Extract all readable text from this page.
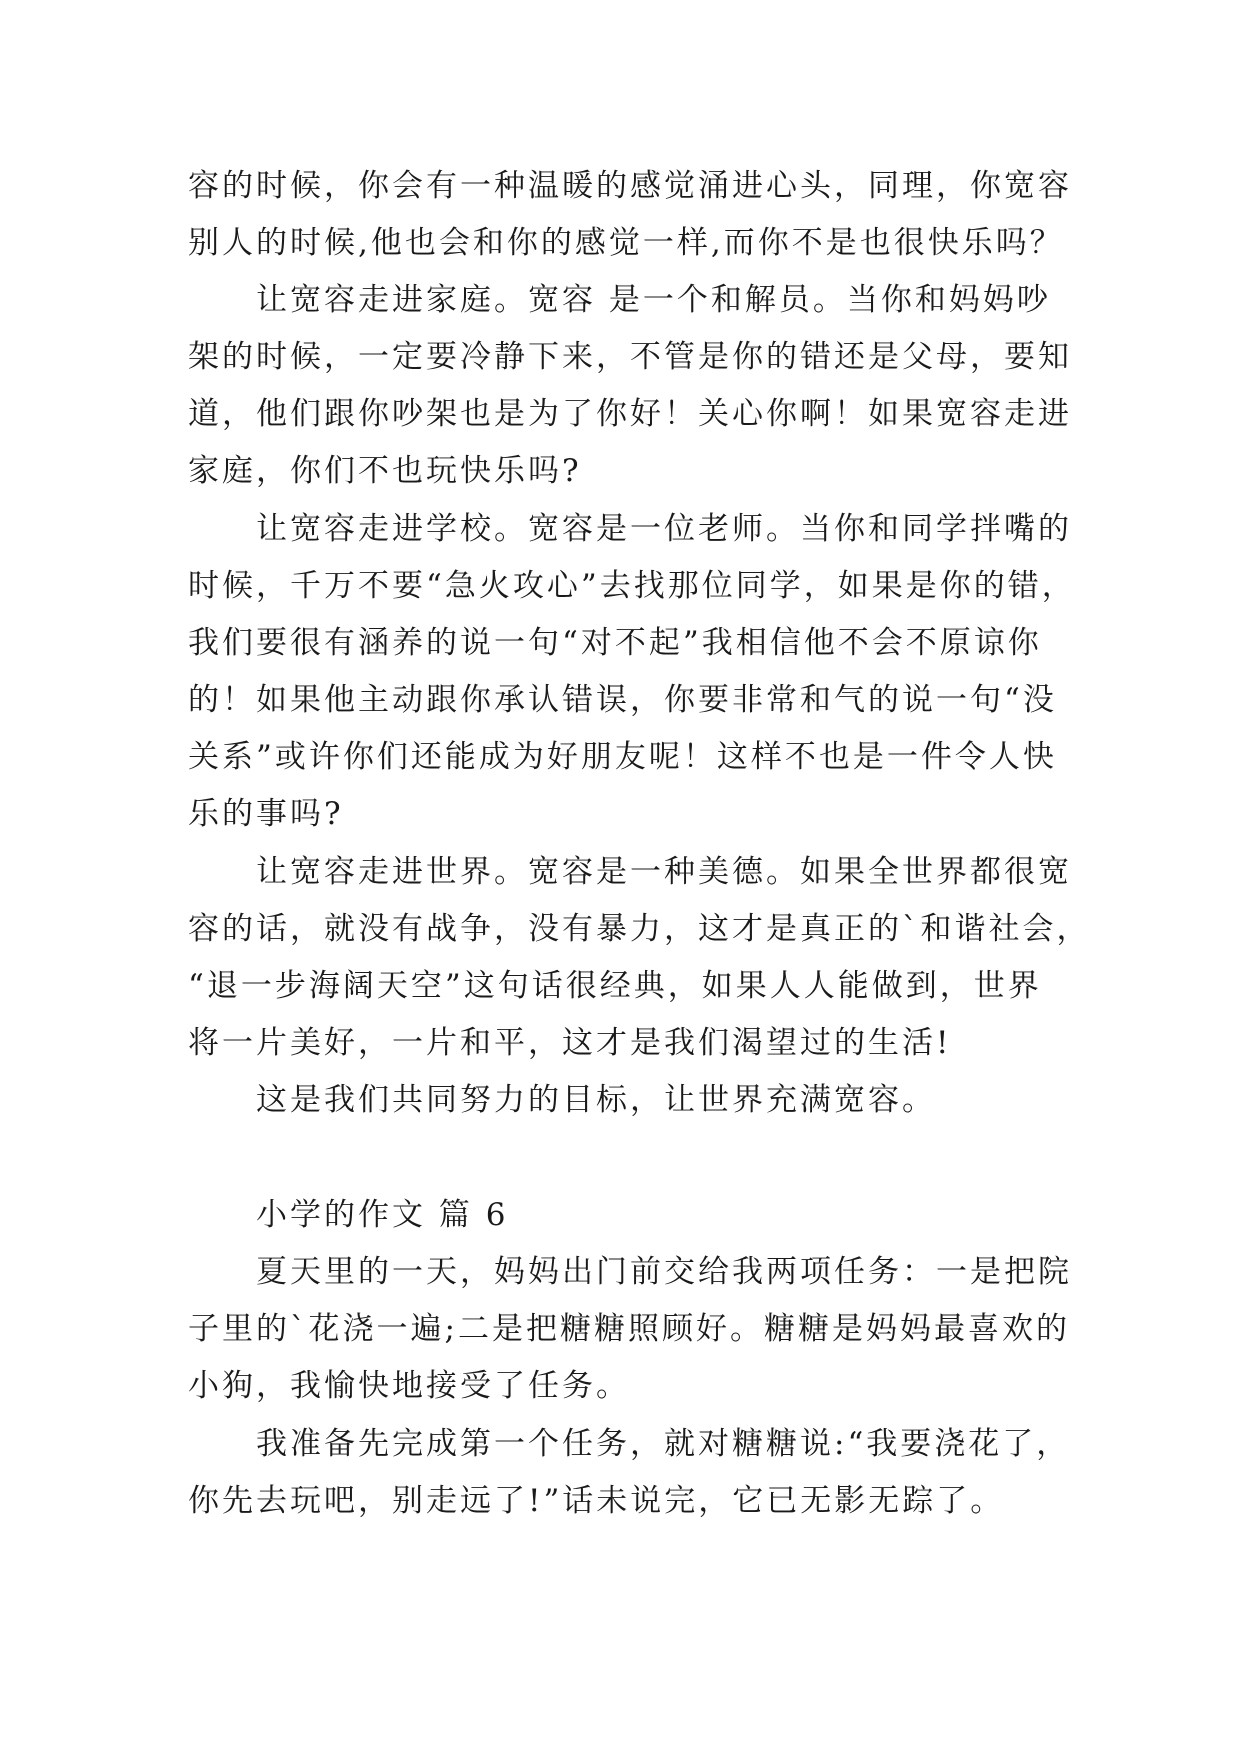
容的时候，你会有一种温暖的感觉涌进心头，同理，你宽容
别人的时候,他也会和你的感觉一样,而你不是也很快乐吗？
让宽容走进家庭。宽容 是一个和解员。当你和妈妈吵
架的时候，一定要冷静下来，不管是你的错还是父母，要知
道，他们跟你吵架也是为了你好！关心你啊！如果宽容走进
家庭，你们不也玩快乐吗?
让宽容走进学校。宽容是一位老师。当你和同学拌嘴的
时候，千万不要“急火攻心”去找那位同学，如果是你的错，
我们要很有涵养的说一句“对不起”我相信他不会不原谅你
的！如果他主动跟你承认错误，你要非常和气的说一句“没
关系”或许你们还能成为好朋友呢！这样不也是一件令人快
乐的事吗?
让宽容走进世界。宽容是一种美德。如果全世界都很宽
容的话，就没有战争，没有暴力，这才是真正的`和谐社会，
“退一步海阔天空”这句话很经典，如果人人能做到，世界
将一片美好，一片和平，这才是我们渴望过的生活!
这是我们共同努力的目标，让世界充满宽容。
小学的作文 篇 6
夏天里的一天，妈妈出门前交给我两项任务：一是把院
子里的`花浇一遍;二是把糖糖照顾好。糖糖是妈妈最喜欢的
小狗，我愉快地接受了任务。
我准备先完成第一个任务，就对糖糖说:“我要浇花了，
你先去玩吧，别走远了!”话未说完，它已无影无踪了。
